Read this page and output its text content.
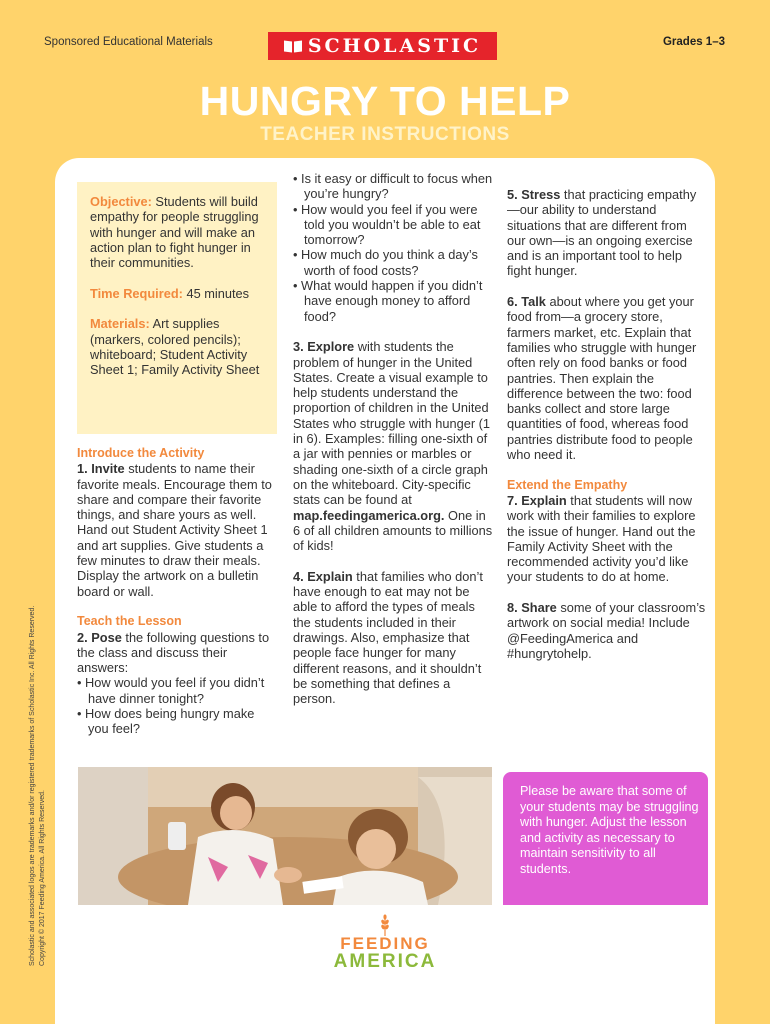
Sponsored Educational Materials	SCHOLASTIC	Grades 1–3
HUNGRY TO HELP
TEACHER INSTRUCTIONS

Objective: Students will build empathy for people struggling with hunger and will make an action plan to fight hunger in their communities.

Time Required: 45 minutes

Materials: Art supplies (markers, colored pencils); whiteboard; Student Activity Sheet 1; Family Activity Sheet

Introduce the Activity

1. Invite students to name their favorite meals. Encourage them to share and compare their favorite things, and share yours as well. Hand out Student Activity Sheet 1 and art supplies. Give students a few minutes to draw their meals. Display the artwork on a bulletin board or wall.

Teach the Lesson

2. Pose the following questions to the class and discuss their answers:

• How would you feel if you didn’t have dinner tonight?

• How does being hungry make you feel?

• Is it easy or difficult to focus when you’re hungry?

• How would you feel if you were told you wouldn’t be able to eat tomorrow?

• How much do you think a day’s worth of food costs?

• What would happen if you didn’t have enough money to afford food?

3. Explore with students the problem of hunger in the United States. Create a visual example to help students understand the proportion of children in the United States who struggle with hunger (1 in 6). Examples: filling one-sixth of a jar with pennies or marbles or shading one-sixth of a circle graph on the whiteboard. City-specific stats can be found at map.feedingamerica.org. One in 6 of all children amounts to millions of kids!

4. Explain that families who don’t have enough to eat may not be able to afford the types of meals the students included in their drawings. Also, emphasize that people face hunger for many different reasons, and it shouldn’t be something that defines a person.

5. Stress that practicing empathy—our ability to understand situations that are different from our own—is an ongoing exercise and is an important tool to help fight hunger.

6. Talk about where you get your food from—a grocery store, farmers market, etc. Explain that families who struggle with hunger often rely on food banks or food pantries. Then explain the difference between the two: food banks collect and store large quantities of food, whereas food pantries distribute food to people who need it.

Extend the Empathy

7. Explain that students will now work with their families to explore the issue of hunger. Hand out the Family Activity Sheet with the recommended activity you’d like your students to do at home.

8. Share some of your classroom’s artwork on social media! Include @FeedingAmerica and #hungrytohelp.

Please be aware that some of your students may be struggling with hunger. Adjust the lesson and activity as necessary to maintain sensitivity to all students.

Scholastic and associated logos are trademarks and/or registered trademarks of Scholastic Inc. All Rights Reserved. Copyright © 2017 Feeding America. All Rights Reserved.	FEEDING
AMERICA
